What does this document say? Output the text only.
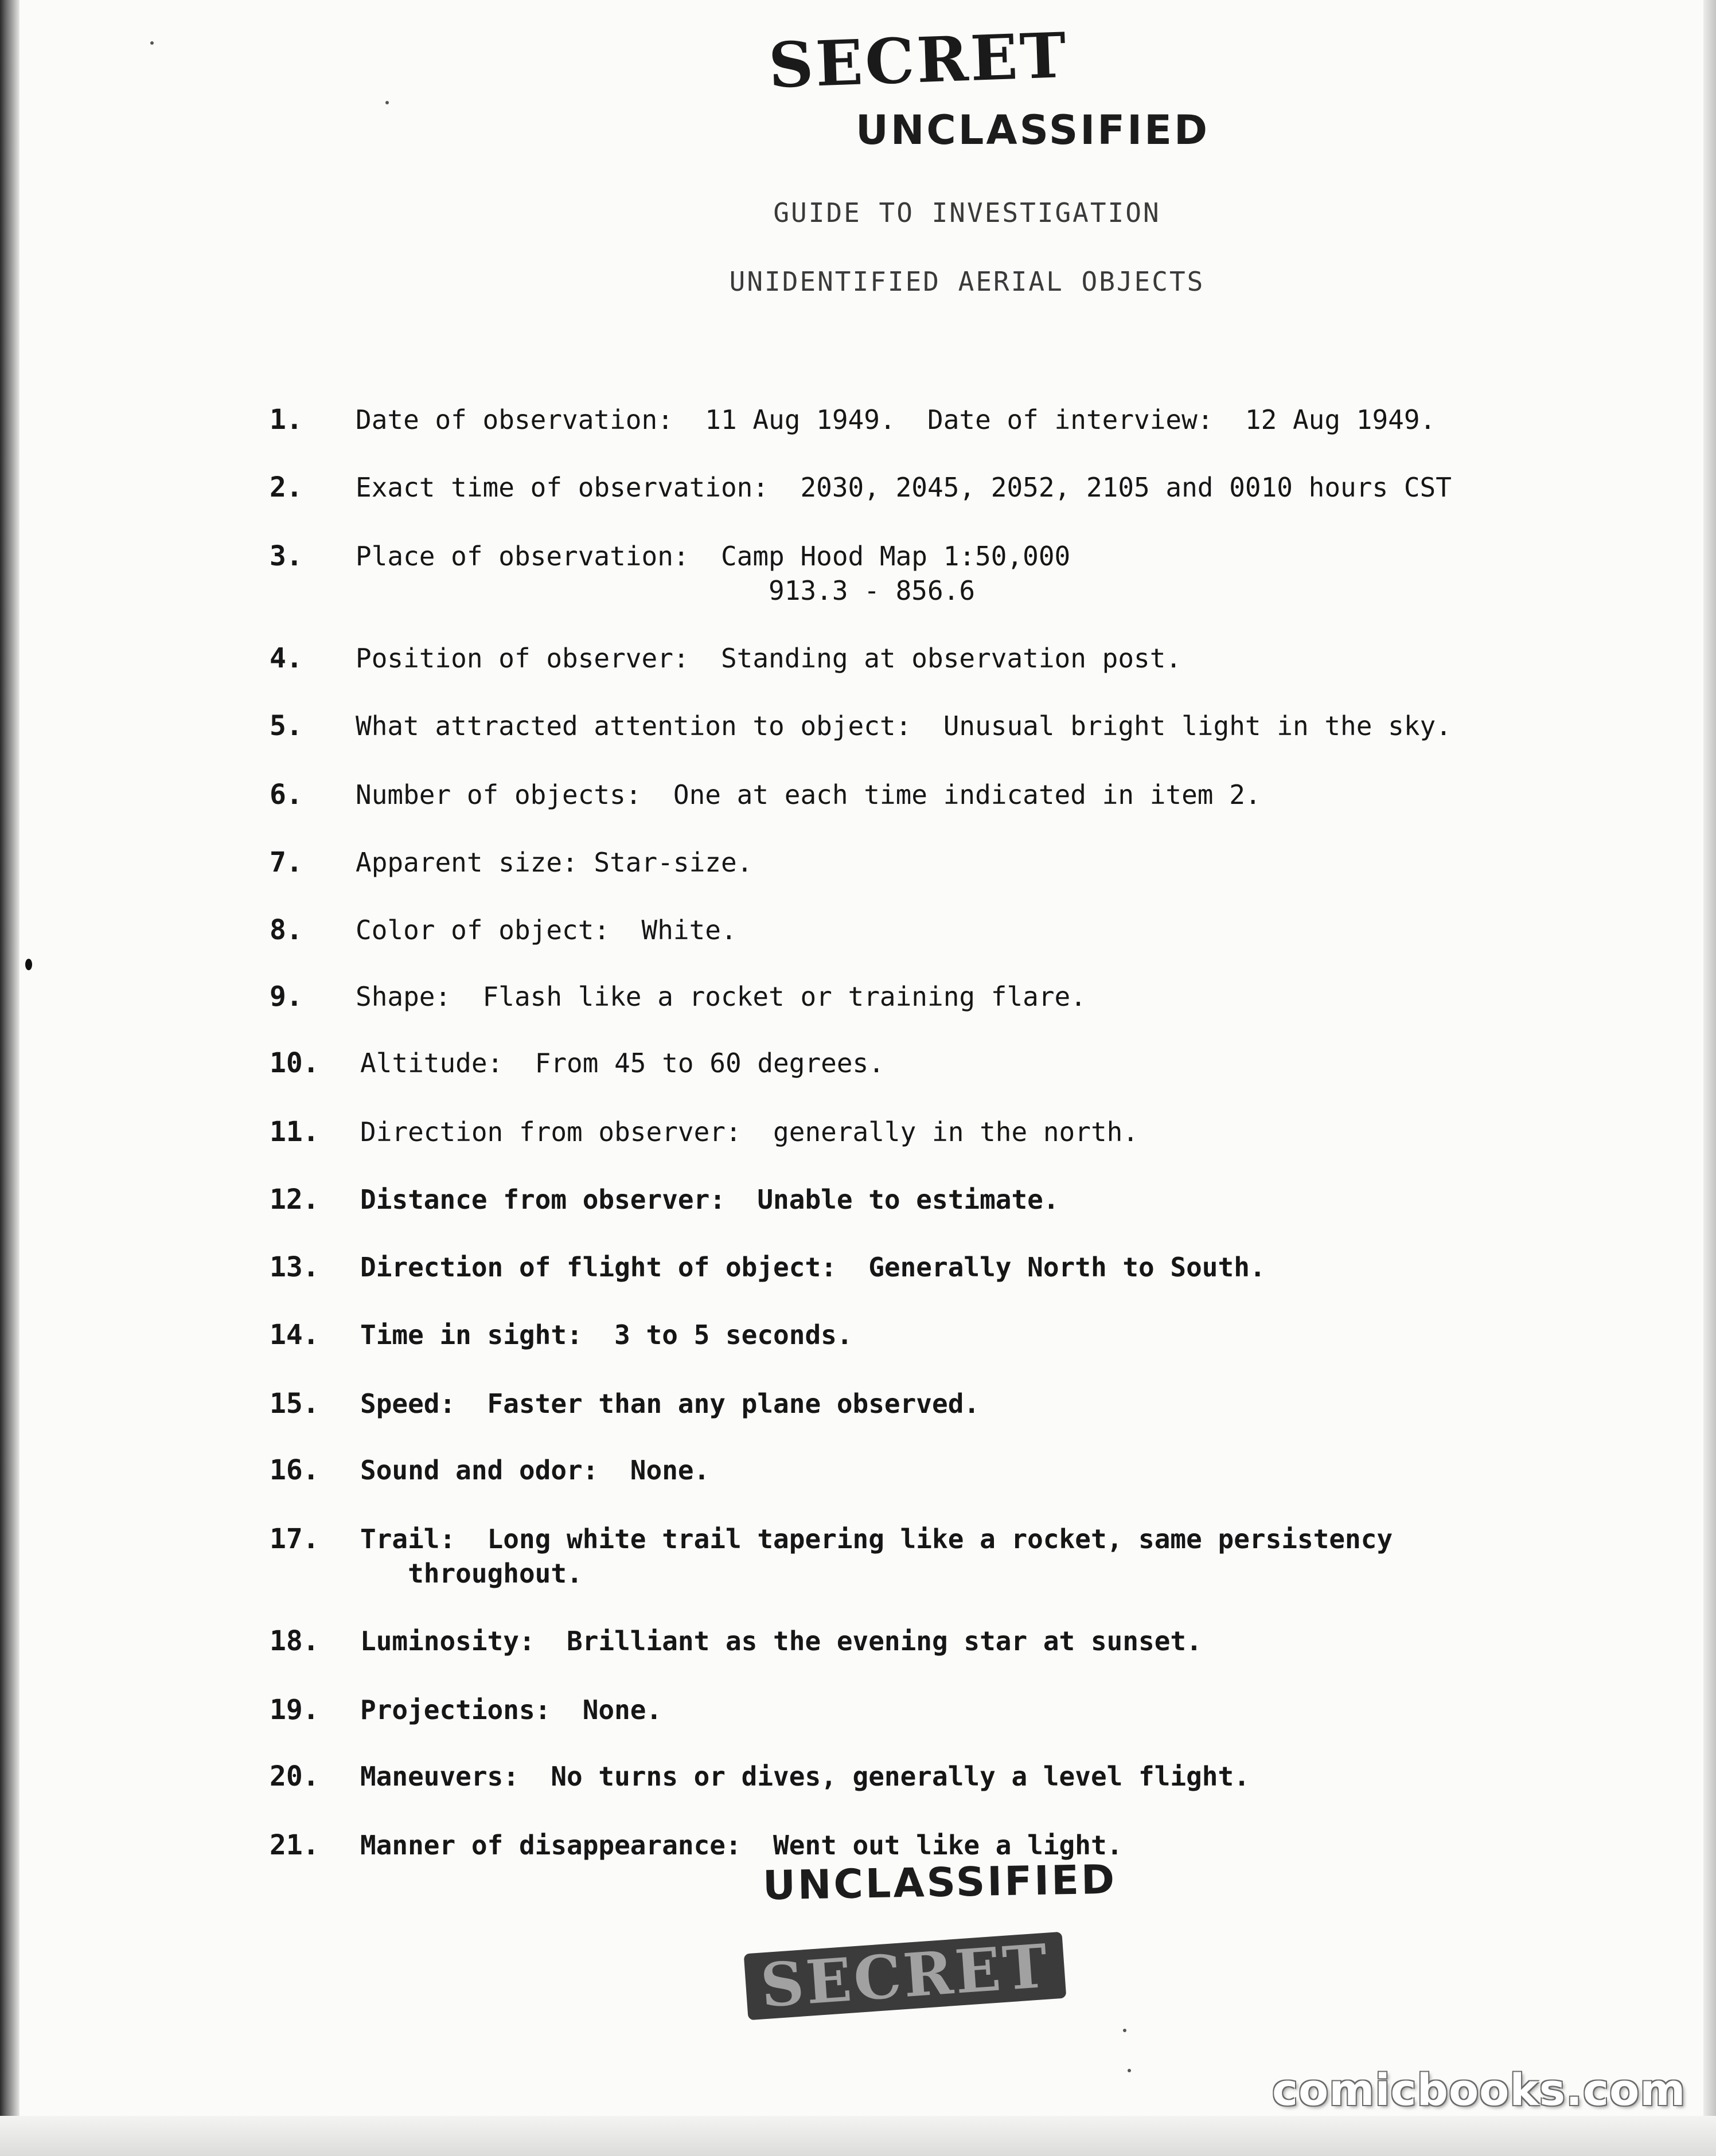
SECRET
UNCLASSIFIED
GUIDE TO INVESTIGATION
UNIDENTIFIED AERIAL OBJECTS
1.	Date of observation:  11 Aug 1949.  Date of interview:  12 Aug 1949.
2.	Exact time of observation:  2030, 2045, 2052, 2105 and 0010 hours CST
3.	Place of observation:  Camp Hood Map 1:50,000
913.3 - 856.6
4.	Position of observer:  Standing at observation post.
5.	What attracted attention to object:  Unusual bright light in the sky.
6.	Number of objects:  One at each time indicated in item 2.
7.	Apparent size: Star-size.
8.	Color of object:  White.
9.	Shape:  Flash like a rocket or training flare.
10.	Altitude:  From 45 to 60 degrees.
11.	Direction from observer:  generally in the north.
12.	Distance from observer:  Unable to estimate.
13.	Direction of flight of object:  Generally North to South.
14.	Time in sight:  3 to 5 seconds.
15.	Speed:  Faster than any plane observed.
16.	Sound and odor:  None.
17.	Trail:  Long white trail tapering like a rocket, same persistency
throughout.
18.	Luminosity:  Brilliant as the evening star at sunset.
19.	Projections:  None.
20.	Maneuvers:  No turns or dives, generally a level flight.
21.	Manner of disappearance:  Went out like a light.
UNCLASSIFIED
SECRET
comicbooks.com
